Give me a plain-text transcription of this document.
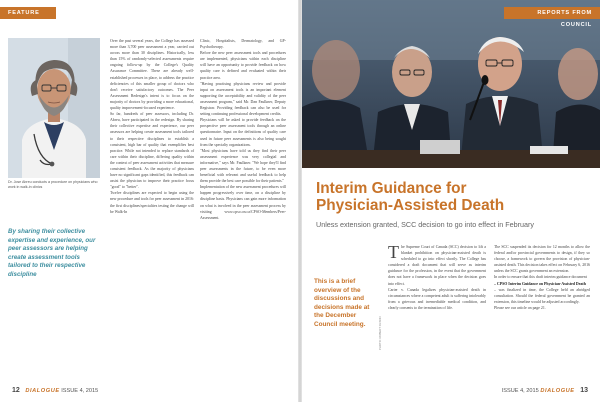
FEATURE
Dr. Jose Abreu conducts a procedure on physicians who work in walk-in clinics
By sharing their collective expertise and experience, our peer assessors are helping create assessment tools tailored to their respective discipline

Over the past several years, the College has assessed more than 3,700 peer assessment a year, carried out across more than 30 disciplines. Historically, less than 15% of randomly-selected assessments require ongoing follow-up by the College's Quality Assurance Committee. These are already well-established processes in place, to address the practice deficiencies of this smaller group of doctors who don't receive satisfactory outcomes. The Peer Assessment Redesign's intent is to focus on the majority of doctors by providing a more educational, quality improvement-focused experience.

So far, hundreds of peer assessors, including Dr. Abreu, have participated in the redesign. By sharing their collective expertise and experience, our peer assessors are helping create assessment tools tailored to their respective disciplines to establish a consistent, high bar of quality that exemplifies best practice. While not intended to replace standards of care within their discipline, differing quality within the context of peer assessment activities that measure consistent feedback. As the majority of physicians have no significant gaps identified, this feedback can assist the physician to improve their practice focus "good" to "better".

Twelve disciplines are expected to begin using the new procedure and tools for peer assessment in 2016: the first disciplines/specialties testing the change will be Walk-In

Clinic, Hospitalists, Dermatology, and GP-Psychotherapy.

Before the new peer assessment tools and procedures are implemented, physicians within each discipline will have an opportunity to provide feedback on how quality care is defined and evaluated within their practice area.

"Having practising physicians review and provide input on assessment tools is an important element supporting the acceptability and validity of the peer assessment program," said Mr. Dan Faulkner, Deputy Registrar. Providing feedback can also be used for setting continuing professional development credits.

Physicians will be asked to provide feedback on the prospective peer assessment tools through an online questionnaire. Input on the definitions of quality care used in future peer assessments is also being sought from the specialty organizations.

"Most physicians have told us they find their peer assessment experience was very collegial and informative," says Mr. Faulkner. "We hope they'll find peer assessments in the future, to be even more beneficial with relevant and useful feedback to help them provide the best care possible for their patients."

Implementation of the new assessment procedures will happen progressively over time, on a discipline by discipline basis. Physicians can gain more information on what is involved in the peer assessment process by visiting www.cpso.on.ca/CPSO-Members/Peer-Assessment.

12 DIALOGUE ISSUE 4, 2015
REPORTS FROM COUNCIL
Interim Guidance for
Physician-Assisted Death
Unless extension granted, SCC decision to go into effect in February
This is a brief overview of the discussions and decisions made at the December Council meeting.	PHOTO: ROBERT OLSON

The Supreme Court of Canada (SCC) decision to lift a blanket prohibition on physician-assisted death is scheduled to go into effect shortly. The College has considered a draft document that will serve as interim guidance for the profession, in the event that the government does not have a framework in place when the decision goes into effect.

Carter v. Canada legalizes physician-assisted death in circumstances where a competent adult is suffering intolerably from a grievous and irremediable medical condition, and clearly consents to the termination of life.

The SCC suspended its decision for 12 months to allow the federal and/or provincial governments to design, if they so choose, a framework to govern the provision of physician-assisted death. This decision takes effect on February 6, 2016 unless the SCC grants government an extension.

In order to ensure that this draft interim guidance document

– CPSO Interim Guidance on Physician-Assisted Death

– was finalized in time, the College held an abridged consultation. Should the federal government be granted an extension, this timeline would be adjusted accordingly.

Please see our article on page 21.

ISSUE 4, 2015 DIALOGUE 13
